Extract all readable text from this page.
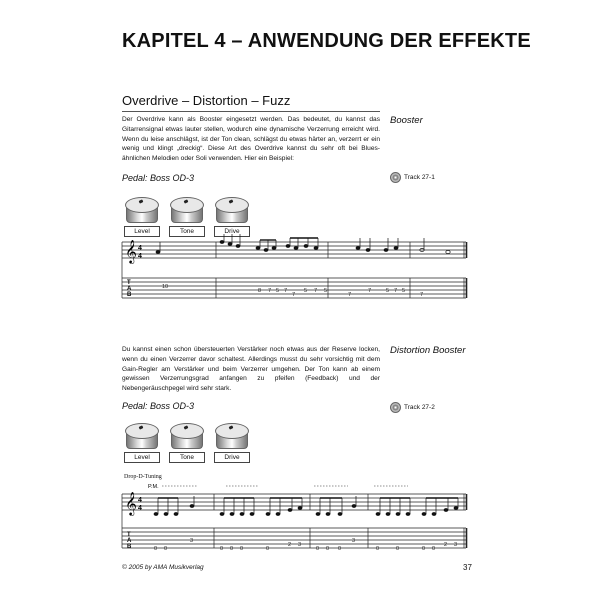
KAPITEL 4 – ANWENDUNG DER EFFEKTE
Overdrive – Distortion – Fuzz
Booster
Der Overdrive kann als Booster eingesetzt werden. Das bedeutet, du kannst das Gitarrensignal etwas lauter stellen, wodurch eine dynamische Verzerrung erreicht wird. Wenn du leise anschlägst, ist der Ton clean, schlägst du etwas härter an, verzerrt er ein wenig und klingt „dreckig“. Diese Art des Overdrive kannst du sehr oft bei Blues-ähnlichen Melodien oder Soli verwenden. Hier ein Beispiel:
Pedal: Boss OD-3	Track 27-1
Level	Tone	Drive
𝄞 4
4
T
A
B
10
8 7 5 7
7
5 7 5
7
7	5 7 5
7
Distortion Booster
Du kannst einen schon übersteuerten Verstärker noch etwas aus der Reserve locken, wenn du einen Verzerrer davor schaltest. Allerdings musst du sehr vorsichtig mit dem Gain-Regler am Verstärker und beim Verzerrer umgehen. Der Ton kann ab einem gewissen Verzerrungsgrad anfangen zu pfeifen (Feedback) und der Nebengeräuschpegel wird sehr stark.
Pedal: Boss OD-3	Track 27-2
Level	Tone	Drive
Drop-D-Tuning
P.M.
𝄞 4
4
T
A
B	0 0
3
0 0 0	0
2 3
0 0 0
3
0	0	0
2 3
0
© 2005 by AMA Musikverlag	37
